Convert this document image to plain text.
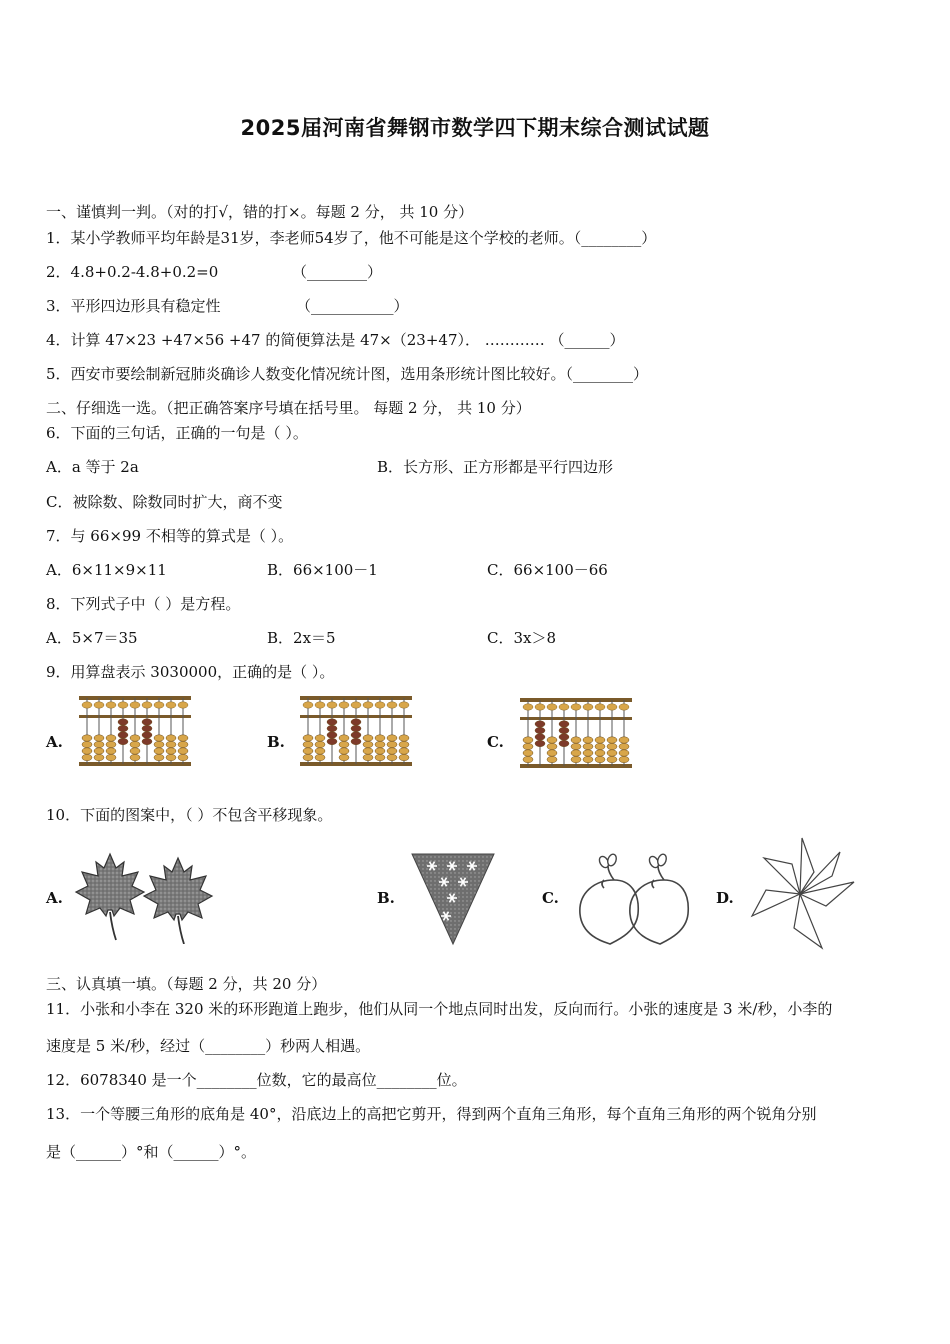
2025届河南省舞钢市数学四下期末综合测试试题
一、谨慎判一判。（对的打√，错的打×。每题 2 分， 共 10 分）
1．某小学教师平均年龄是31岁，李老师54岁了，他不可能是这个学校的老师。（________）
2．4.8+0.2-4.8+0.2=0	（________）
3．平形四边形具有稳定性	（___________）
4．计算 47×23 +47×56 +47 的简便算法是 47×（23+47）． ………… （______）
5．西安市要绘制新冠肺炎确诊人数变化情况统计图，选用条形统计图比较好。（________）
二、仔细选一选。（把正确答案序号填在括号里。 每题 2 分， 共 10 分）
6．下面的三句话，正确的一句是（ ）。
A．a 等于 2a	B．长方形、正方形都是平行四边形
C．被除数、除数同时扩大，商不变
7．与 66×99 不相等的算式是（ ）。
A．6×11×9×11	B．66×100－1	C．66×100－66
8．下列式子中（ ）是方程。
A．5×7＝35	B．2x＝5	C．3x＞8
9．用算盘表示 3030000，正确的是（ ）。
A.	B.	C.
10．下面的图案中，（ ）不包含平移现象。
A.	B.	C.	D.
三、认真填一填。（每题 2 分，共 20 分）
11．小张和小李在 320 米的环形跑道上跑步，他们从同一个地点同时出发，反向而行。小张的速度是 3 米/秒，小李的
速度是 5 米/秒，经过（________）秒两人相遇。
12．6078340 是一个________位数，它的最高位________位。
13．一个等腰三角形的底角是 40°，沿底边上的高把它剪开，得到两个直角三角形，每个直角三角形的两个锐角分别
是（______）°和（______）°。
